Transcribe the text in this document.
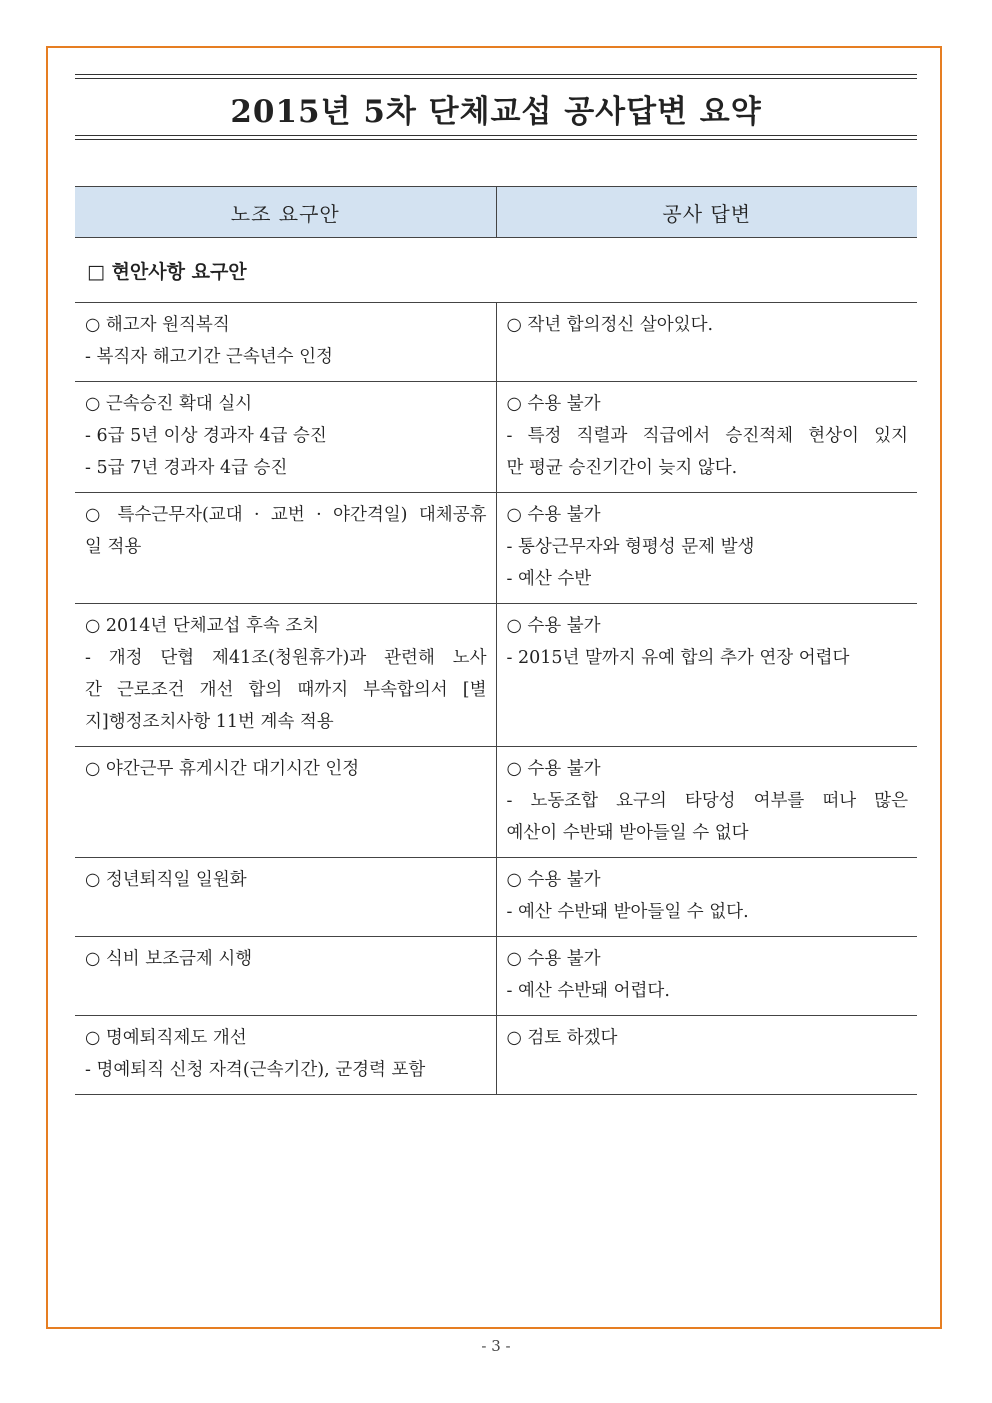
2015년 5차 단체교섭 공사답변 요약
노조 요구안	공사 답변
□ 현안사항 요구안	

○ 해고자 원직복직
- 복직자 해고기간 근속년수 인정	○ 작년 합의정신 살아있다.

○ 근속승진 확대 실시
- 6급 5년 이상 경과자 4급 승진
- 5급 7년 경과자 4급 승진	○ 수용 불가
- 특정 직렬과 직급에서 승진적체 현상이 있지
만 평균 승진기간이 늦지 않다.

○ 특수근무자(교대 · 교번 · 야간격일) 대체공휴
일 적용	○ 수용 불가
- 통상근무자와 형평성 문제 발생
- 예산 수반

○ 2014년 단체교섭 후속 조치
- 개정 단협 제41조(청원휴가)과 관련해 노사
간 근로조건 개선 합의 때까지 부속합의서 [별
지]행정조치사항 11번 계속 적용	○ 수용 불가
- 2015년 말까지 유예 합의 추가 연장 어렵다

○ 야간근무 휴게시간 대기시간 인정	○ 수용 불가
- 노동조합 요구의 타당성 여부를 떠나 많은
예산이 수반돼 받아들일 수 없다

○ 정년퇴직일 일원화	○ 수용 불가
- 예산 수반돼 받아들일 수 없다.

○ 식비 보조금제 시행	○ 수용 불가
- 예산 수반돼 어렵다.

○ 명예퇴직제도 개선
- 명예퇴직 신청 자격(근속기간), 군경력 포함	○ 검토 하겠다
- 3 -
